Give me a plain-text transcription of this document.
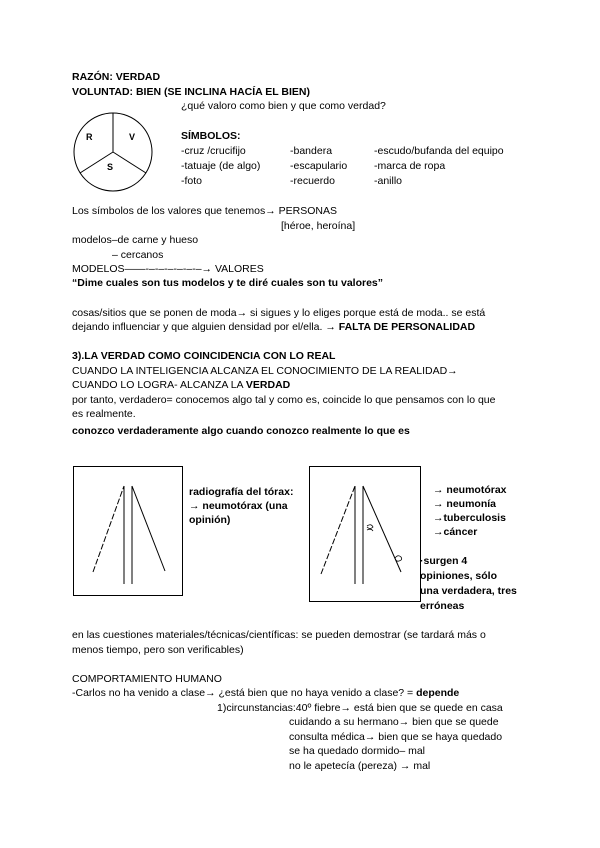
RAZÓN: VERDAD
VOLUNTAD: BIEN (SE INCLINA HACÍA EL BIEN)
¿qué valoro como bien y que como verdad?
R	V
S
SÍMBOLOS:
-cruz /crucifijo
-tatuaje (de algo)
-foto
-bandera
-escapulario
-recuerdo
-escudo/bufanda del equipo
-marca de ropa
-anillo
Los símbolos de los valores que tenemos→ PERSONAS
[héroe, heroína]
modelos–de carne y hueso
– cercanos
MODELOS——-–-–-–-–-–-–→ VALORES
“Dime cuales son tus modelos y te diré cuales son tu valores”
cosas/sitios que se ponen de moda→ si sigues y lo eliges porque está de moda.. se está
dejando influenciar y que alguien densidad por el/ella. → FALTA DE PERSONALIDAD
3).LA VERDAD COMO COINCIDENCIA CON LO REAL
CUANDO LA INTELIGENCIA ALCANZA EL CONOCIMIENTO DE LA REALIDAD→
CUANDO LO LOGRA- ALCANZA LA VERDAD
por tanto, verdadero= conocemos algo tal y como es, coincide lo que pensamos con lo que
es realmente.
conozco verdaderamente algo cuando conozco realmente lo que es
radiografía del tórax:
→ neumotórax (una
opinión)
→ neumotórax
→ neumonía
→tuberculosis
→cáncer
·surgen 4
opiniones, sólo
una verdadera, tres
erróneas
en las cuestiones materiales/técnicas/científicas: se pueden demostrar (se tardará más o
menos tiempo, pero son verificables)
COMPORTAMIENTO HUMANO
-Carlos no ha venido a clase→ ¿está bien que no haya venido a clase? = depende
1)circunstancias:40º fiebre→ está bien que se quede en casa
cuidando a su hermano→ bien que se quede
consulta médica→ bien que se haya quedado
se ha quedado dormido– mal
no le apetecía (pereza) → mal
